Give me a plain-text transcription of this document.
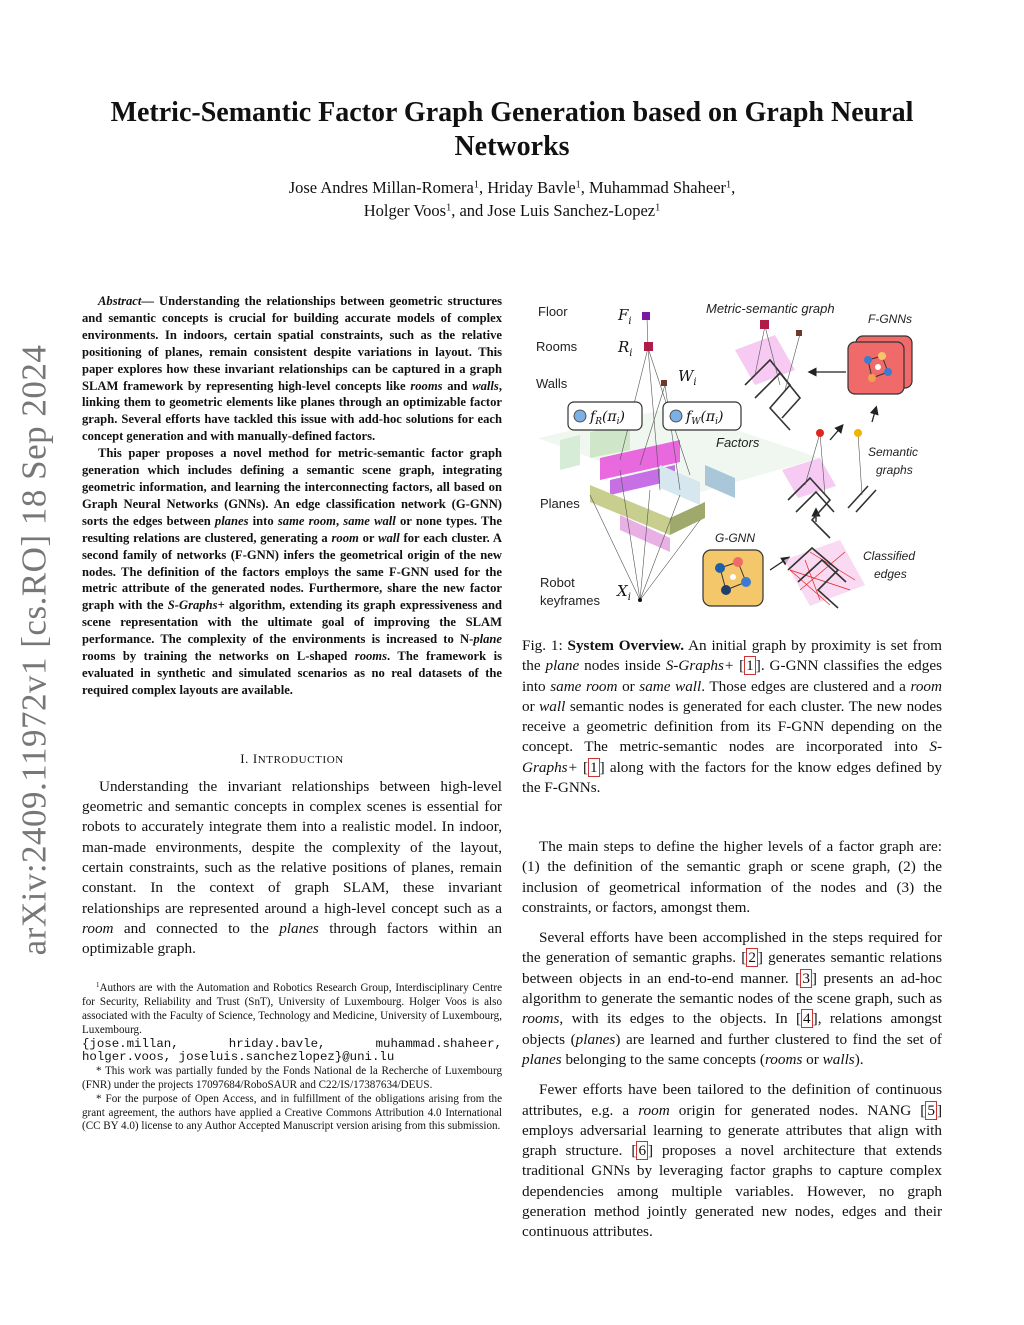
arXiv:2409.11972v1 [cs.RO] 18 Sep 2024
Metric-Semantic Factor Graph Generation based on Graph Neural Networks
Jose Andres Millan-Romera$^1$, Hriday Bavle$^1$, Muhammad Shaheer$^1$,
Holger Voos$^1$, and Jose Luis Sanchez-Lopez$^1$

Abstract— Understanding the relationships between geometric structures and semantic concepts is crucial for building accurate models of complex environments. In indoors, certain spatial constraints, such as the relative positioning of planes, remain consistent despite variations in layout. This paper explores how these invariant relationships can be captured in a graph SLAM framework by representing high-level concepts like rooms and walls, linking them to geometric elements like planes through an optimizable factor graph. Several efforts have tackled this issue with add-hoc solutions for each concept generation and with manually-defined factors.

This paper proposes a novel method for metric-semantic factor graph generation which includes defining a semantic scene graph, integrating geometric information, and learning the interconnecting factors, all based on Graph Neural Networks (GNNs). An edge classification network (G-GNN) sorts the edges between planes into same room, same wall or none types. The resulting relations are clustered, generating a room or wall for each cluster. A second family of networks (F-GNN) infers the geometrical origin of the new nodes. The definition of the factors employs the same F-GNN used for the metric attribute of the generated nodes. Furthermore, share the new factor graph with the S-Graphs+ algorithm, extending its graph expressiveness and scene representation with the ultimate goal of improving the SLAM performance. The complexity of the environments is increased to N-plane rooms by training the networks on L-shaped rooms. The framework is evaluated in synthetic and simulated scenarios as no real datasets of the required complex layouts are available.

I. INTRODUCTION

Understanding the invariant relationships between high-level geometric and semantic concepts in complex scenes is essential for robots to accurately integrate them into a realistic model. In indoor, man-made environments, despite the complexity of the layout, certain constraints, such as the relative positions of planes, remain constant. In the context of graph SLAM, these invariant relationships are represented around a high-level concept such as a room and connected to the planes through factors within an optimizable graph.

$^1$Authors are with the Automation and Robotics Research Group, Interdisciplinary Centre for Security, Reliability and Trust (SnT), University of Luxembourg. Holger Voos is also associated with the Faculty of Science, Technology and Medicine, University of Luxembourg, Luxembourg.
{jose.millan, hriday.bavle, muhammad.shaheer, holger.voos, joseluis.sanchezlopez}@uni.lu

* This work was partially funded by the Fonds National de la Recherche of Luxembourg (FNR) under the projects 17097684/RoboSAUR and C22/IS/17387634/DEUS.

* For the purpose of Open Access, and in fulfillment of the obligations arising from the grant agreement, the authors have applied a Creative Commons Attribution 4.0 International (CC BY 4.0) license to any Author Accepted Manuscript version arising from this submission.

Floor
Rooms
Walls
Planes
Robot
keyframes
$F_i$
$R_i$
$W_i$
$X_i$
$f_R(\pi_i)$	$f_W(\pi_i)$
Factors
Metric-semantic graph
F-GNNs
Semantic
graphs
G-GNN
Classified
edges

Fig. 1: System Overview. An initial graph by proximity is set from the plane nodes inside S-Graphs+ [ 1 ]. G-GNN classifies the edges into same room or same wall. Those edges are clustered and a room or wall semantic nodes is generated for each cluster. The new nodes receive a geometric definition from its F-GNN depending on the concept. The metric-semantic nodes are incorporated into S-Graphs+ [ 1 ] along with the factors for the know edges defined by the F-GNNs.

The main steps to define the higher levels of a factor graph are: (1) the definition of the semantic graph or scene graph, (2) the inclusion of geometrical information of the nodes and (3) the constraints, or factors, amongst them.

Several efforts have been accomplished in the steps required for the generation of semantic graphs. [ 2 ] generates semantic relations between objects in an end-to-end manner. [ 3 ] presents an ad-hoc algorithm to generate the semantic nodes of the scene graph, such as rooms, with its edges to the objects. In [ 4 ], relations amongst objects (planes) are learned and further clustered to find the set of planes belonging to the same concepts (rooms or walls).

Fewer efforts have been tailored to the definition of continuous attributes, e.g. a room origin for generated nodes. NANG [ 5 ] employs adversarial learning to generate attributes that align with graph structure. [ 6 ] proposes a novel architecture that extends traditional GNNs by leveraging factor graphs to capture complex dependencies among multiple variables. However, no graph generation method jointly generated new nodes, edges and their continuous attributes.
